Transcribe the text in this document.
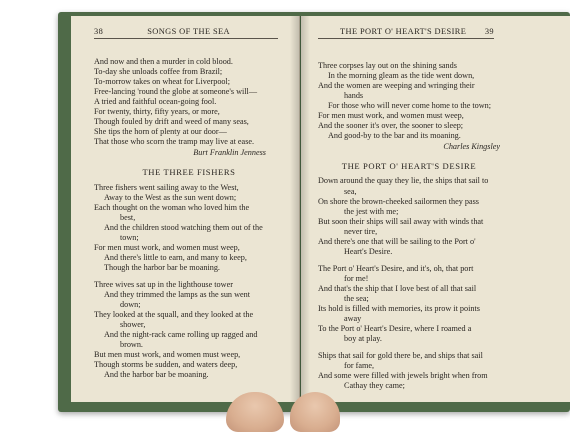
38	SONGS OF THE SEA	THE PORT O' HEART'S DESIRE 39
And now and then a murder in cold blood.
To-day she unloads coffee from Brazil;
To-morrow takes on wheat for Liverpool;
Free-lancing 'round the globe at someone's will—
A tried and faithful ocean-going fool.
For twenty, thirty, fifty years, or more,
Though fouled by drift and weed of many seas,
She tips the horn of plenty at our door—
That those who scorn the tramp may live at ease.
Burt Franklin Jenness
THE THREE FISHERS
Three fishers went sailing away to the West,
Away to the West as the sun went down;
Each thought on the woman who loved him the
best,
And the children stood watching them out of the
town;
For men must work, and women must weep,
And there's little to earn, and many to keep,
Though the harbor bar be moaning.
Three wives sat up in the lighthouse tower
And they trimmed the lamps as the sun went
down;
They looked at the squall, and they looked at the
shower,
And the night-rack came rolling up ragged and
brown.
But men must work, and women must weep,
Though storms be sudden, and waters deep,
And the harbor bar be moaning.
Three corpses lay out on the shining sands
In the morning gleam as the tide went down,
And the women are weeping and wringing their
hands
For those who will never come home to the town;
For men must work, and women must weep,
And the sooner it's over, the sooner to sleep;
And good-by to the bar and its moaning.
Charles Kingsley
THE PORT O' HEART'S DESIRE
Down around the quay they lie, the ships that sail to
sea,
On shore the brown-cheeked sailormen they pass
the jest with me;
But soon their ships will sail away with winds that
never tire,
And there's one that will be sailing to the Port o'
Heart's Desire.
The Port o' Heart's Desire, and it's, oh, that port
for me!
And that's the ship that I love best of all that sail
the sea;
Its hold is filled with memories, its prow it points
away
To the Port o' Heart's Desire, where I roamed a
boy at play.
Ships that sail for gold there be, and ships that sail
for fame,
And some were filled with jewels bright when from
Cathay they came;
